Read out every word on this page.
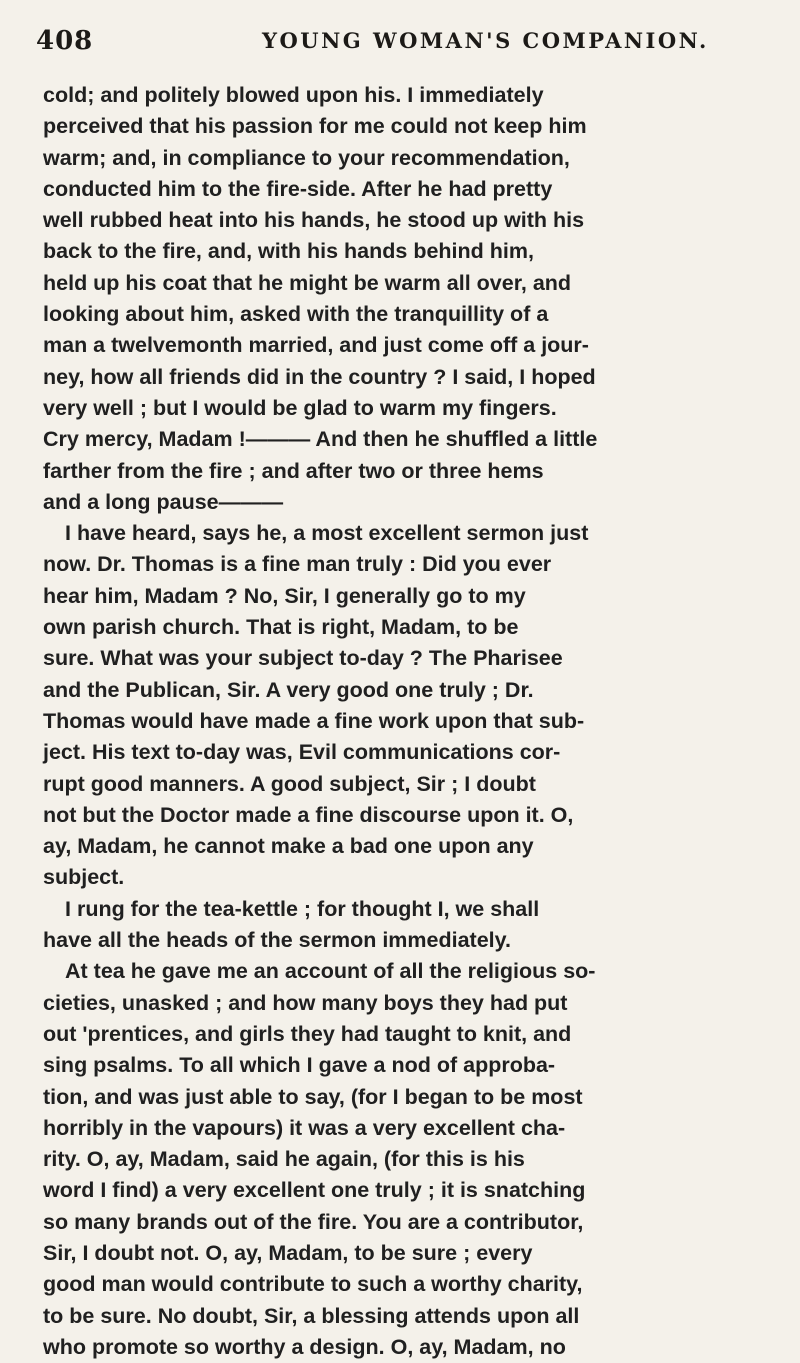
408	YOUNG WOMAN'S COMPANION.
cold; and politely blowed upon his. I immediately
perceived that his passion for me could not keep him
warm; and, in compliance to your recommendation,
conducted him to the fire-side. After he had pretty
well rubbed heat into his hands, he stood up with his
back to the fire, and, with his hands behind him,
held up his coat that he might be warm all over, and
looking about him, asked with the tranquillity of a
man a twelvemonth married, and just come off a jour-
ney, how all friends did in the country ? I said, I hoped
very well ; but I would be glad to warm my fingers.
Cry mercy, Madam !——— And then he shuffled a little
farther from the fire ; and after two or three hems
and a long pause———
I have heard, says he, a most excellent sermon just
now. Dr. Thomas is a fine man truly : Did you ever
hear him, Madam ? No, Sir, I generally go to my
own parish church. That is right, Madam, to be
sure. What was your subject to-day ? The Pharisee
and the Publican, Sir. A very good one truly ; Dr.
Thomas would have made a fine work upon that sub-
ject. His text to-day was, Evil communications cor-
rupt good manners. A good subject, Sir ; I doubt
not but the Doctor made a fine discourse upon it. O,
ay, Madam, he cannot make a bad one upon any
subject.
I rung for the tea-kettle ; for thought I, we shall
have all the heads of the sermon immediately.
At tea he gave me an account of all the religious so-
cieties, unasked ; and how many boys they had put
out 'prentices, and girls they had taught to knit, and
sing psalms. To all which I gave a nod of approba-
tion, and was just able to say, (for I began to be most
horribly in the vapours) it was a very excellent cha-
rity. O, ay, Madam, said he again, (for this is his
word I find) a very excellent one truly ; it is snatching
so many brands out of the fire. You are a contributor,
Sir, I doubt not. O, ay, Madam, to be sure ; every
good man would contribute to such a worthy charity,
to be sure. No doubt, Sir, a blessing attends upon all
who promote so worthy a design. O, ay, Madam, no
